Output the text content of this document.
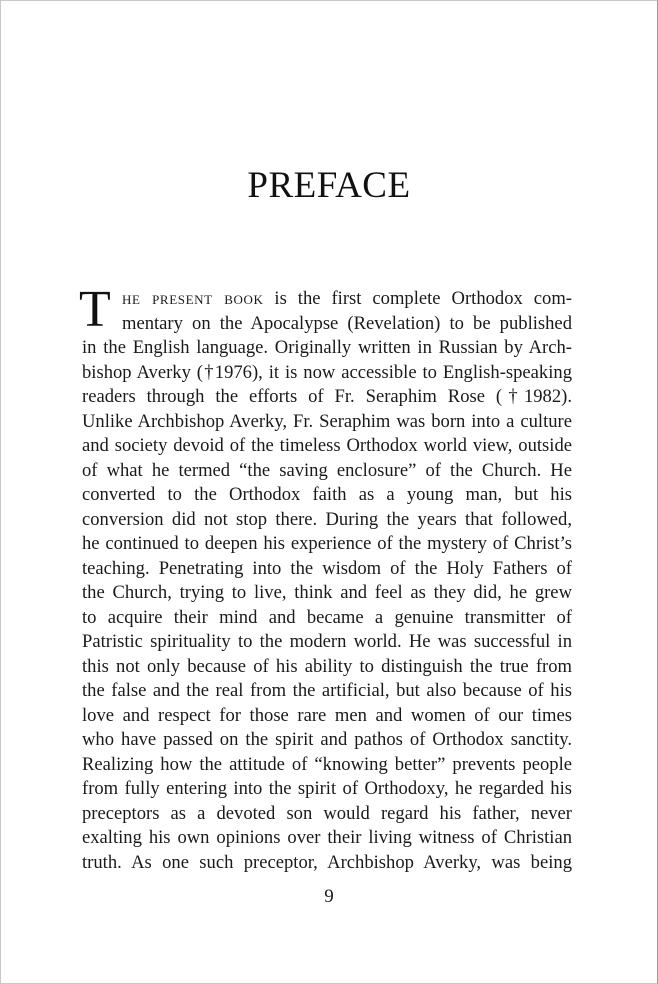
PREFACE
T he present book is the first complete Orthodox com-
mentary on the Apocalypse (Revelation) to be published
in the English language. Originally written in Russian by Arch-
bishop Averky (†1976), it is now accessible to English-speaking
readers through the efforts of Fr. Seraphim Rose (†1982).
Unlike Archbishop Averky, Fr. Seraphim was born into a culture
and society devoid of the timeless Orthodox world view, outside
of what he termed “the saving enclosure” of the Church. He
converted to the Orthodox faith as a young man, but his
conversion did not stop there. During the years that followed,
he continued to deepen his experience of the mystery of Christ’s
teaching. Penetrating into the wisdom of the Holy Fathers of
the Church, trying to live, think and feel as they did, he grew
to acquire their mind and became a genuine transmitter of
Patristic spirituality to the modern world. He was successful in
this not only because of his ability to distinguish the true from
the false and the real from the artificial, but also because of his
love and respect for those rare men and women of our times
who have passed on the spirit and pathos of Orthodox sanctity.
Realizing how the attitude of “knowing better” prevents people
from fully entering into the spirit of Orthodoxy, he regarded his
preceptors as a devoted son would regard his father, never
exalting his own opinions over their living witness of Christian
truth. As one such preceptor, Archbishop Averky, was being
9
